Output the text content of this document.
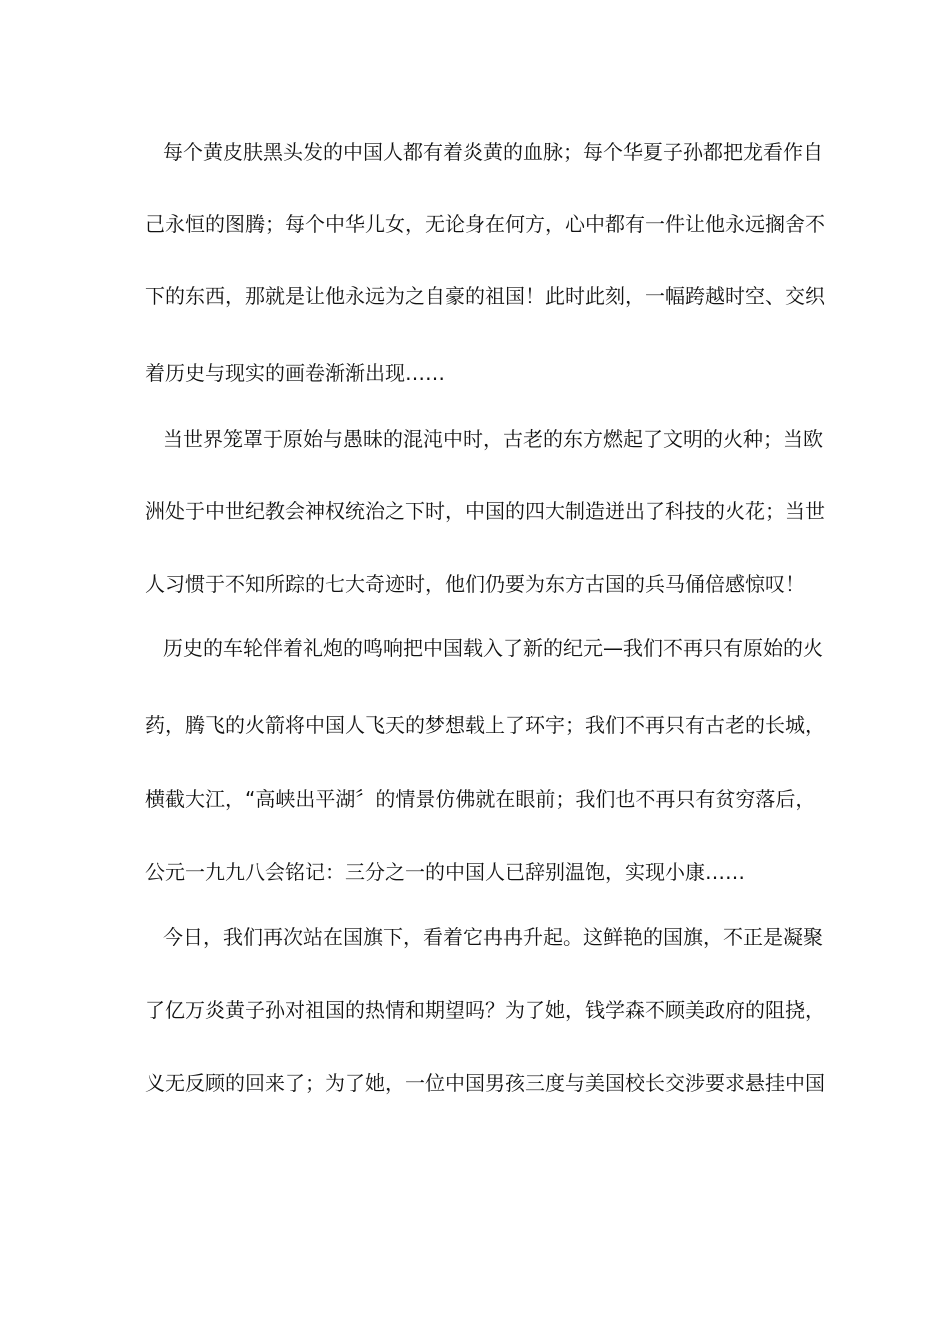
每个黄皮肤黑头发的中国人都有着炎黄的血脉；每个华夏子孙都把龙看作自
己永恒的图腾；每个中华儿女，无论身在何方，心中都有一件让他永远搁舍不
下的东西，那就是让他永远为之自豪的祖国！此时此刻，一幅跨越时空、交织
着历史与现实的画卷渐渐出现……
当世界笼罩于原始与愚昧的混沌中时，古老的东方燃起了文明的火种；当欧
洲处于中世纪教会神权统治之下时，中国的四大制造迸出了科技的火花；当世
人习惯于不知所踪的七大奇迹时，他们仍要为东方古国的兵马俑倍感惊叹！
历史的车轮伴着礼炮的鸣响把中国载入了新的纪元—我们不再只有原始的火
药，腾飞的火箭将中国人飞天的梦想载上了环宇；我们不再只有古老的长城，
横截大江，“高峡出平湖〞的情景仿佛就在眼前；我们也不再只有贫穷落后，
公元一九九八会铭记：三分之一的中国人已辞别温饱，实现小康……
今日，我们再次站在国旗下，看着它冉冉升起。这鲜艳的国旗，不正是凝聚
了亿万炎黄子孙对祖国的热情和期望吗？为了她，钱学森不顾美政府的阻挠，
义无反顾的回来了；为了她，一位中国男孩三度与美国校长交涉要求悬挂中国
